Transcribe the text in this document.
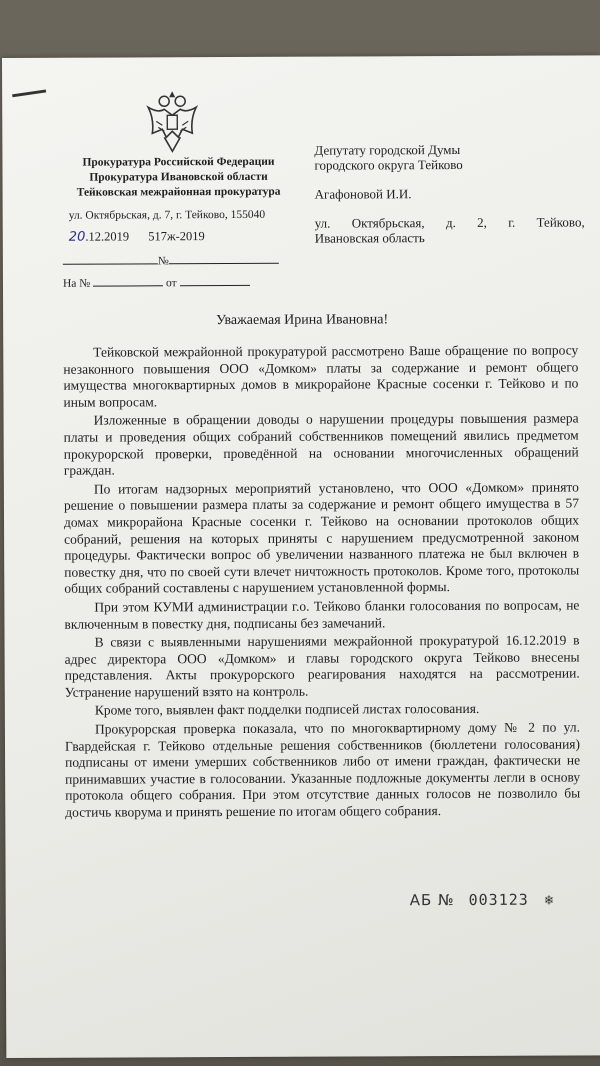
Прокуратура Российской Федерации
Прокуратура Ивановской области
Тейковская межрайонная прокуратура
ул. Октябрьская, д. 7, г. Тейково, 155040
20.12.2019 517ж-2019
№
На №	от
Депутату городской Думы
городского округа Тейково
Агафоновой И.И.
ул. Октябрьская, д. 2, г. Тейково,
Ивановская область
Уважаемая Ирина Ивановна!

Тейковской межрайонной прокуратурой рассмотрено Ваше обращение по вопросу незаконного повышения ООО «Домком» платы за содержание и ремонт общего имущества многоквартирных домов в микрорайоне Красные сосенки г. Тейково и по иным вопросам.

Изложенные в обращении доводы о нарушении процедуры повышения размера платы и проведения общих собраний собственников помещений явились предметом прокурорской проверки, проведённой на основании многочисленных обращений граждан.

По итогам надзорных мероприятий установлено, что ООО «Домком» принято решение о повышении размера платы за содержание и ремонт общего имущества в 57 домах микрорайона Красные сосенки г. Тейково на основании протоколов общих собраний, решения на которых приняты с нарушением предусмотренной законом процедуры. Фактически вопрос об увеличении названного платежа не был включен в повестку дня, что по своей сути влечет ничтожность протоколов. Кроме того, протоколы общих собраний составлены с нарушением установленной формы.

При этом КУМИ администрации г.о. Тейково бланки голосования по вопросам, не включенным в повестку дня, подписаны без замечаний.

В связи с выявленными нарушениями межрайонной прокуратурой 16.12.2019 в адрес директора ООО «Домком» и главы городского округа Тейково внесены представления. Акты прокурорского реагирования находятся на рассмотрении. Устранение нарушений взято на контроль.

Кроме того, выявлен факт подделки подписей листах голосования.

Прокурорская проверка показала, что по многоквартирному дому № 2 по ул. Гвардейская г. Тейково отдельные решения собственников (бюллетени голосования) подписаны от имени умерших собственников либо от имени граждан, фактически не принимавших участие в голосовании. Указанные подложные документы легли в основу протокола общего собрания. При этом отсутствие данных голосов не позволило бы достичь кворума и принять решение по итогам общего собрания.

АБ № 003123 ❄
